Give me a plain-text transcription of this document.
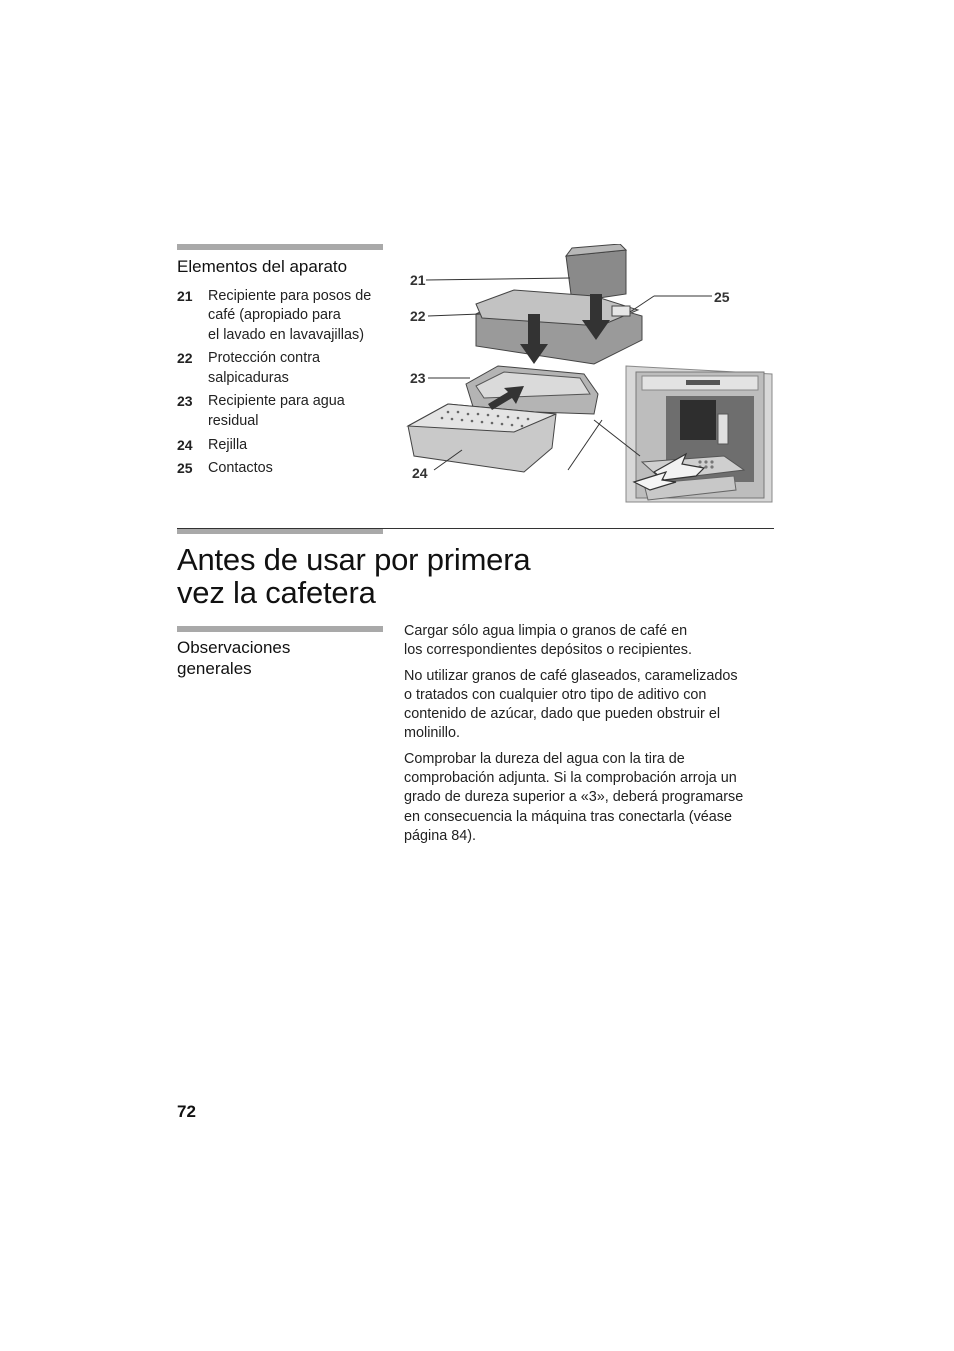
Elementos del aparato
21	Recipiente para posos de
café (apropiado para
el lavado en lavavajillas)
22	Protección contra
salpicaduras
23	Recipiente para agua
residual
24	Rejilla
25	Contactos
21
22
23
24
25
Antes de usar por primera
vez la cafetera
Observaciones
generales

Cargar sólo agua limpia o granos de café en
los correspondientes depósitos o recipientes.

No utilizar granos de café glaseados, caramelizados
o tratados con cualquier otro tipo de aditivo con
contenido de azúcar, dado que pueden obstruir el
molinillo.

Comprobar la dureza del agua con la tira de
comprobación adjunta. Si la comprobación arroja un
grado de dureza superior a «3», deberá programarse
en consecuencia la máquina tras conectarla (véase
página 84).

72
